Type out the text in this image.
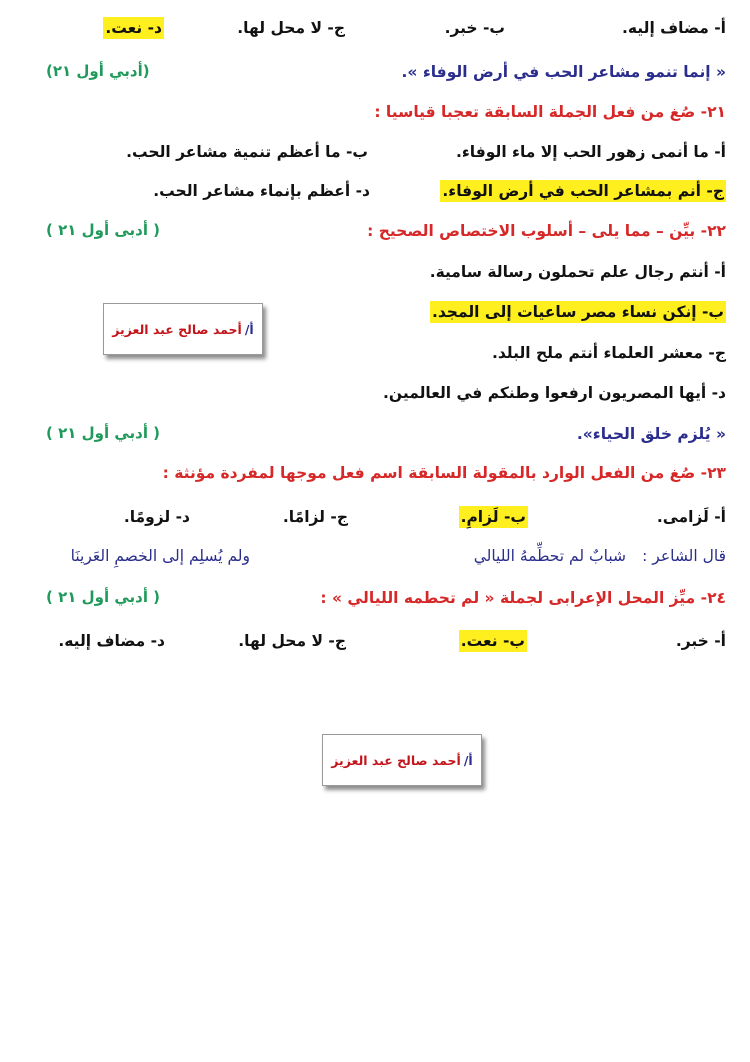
أ- مضاف إليه.
ب- خبر.
ج- لا محل لها.
د- نعت.
« إنما تنمو مشاعر الحب في أرض الوفاء ».
(أدبي أول ٢١)
٢١- صُغ من فعل الجملة السابقة تعجبا قياسيا :
أ- ما أنمى زهور الحب إلا ماء الوفاء.
ب- ما أعظم تنمية مشاعر الحب.
ج- أنم بمشاعر الحب في أرض الوفاء.
د- أعظم بإنماء مشاعر الحب.
٢٢- بيِّن – مما يلى – أسلوب الاختصاص الصحيح :
( أدبى أول ٢١ )
أ- أنتم رجال علم تحملون رسالة سامية.
ب- إنكن نساء مصر ساعيات إلى المجد.
ج- معشر العلماء أنتم ملح البلد.
د- أيها المصريون ارفعوا وطنكم في العالمين.
أ/
أحمد صالح عبد العزيز
« يُلزم خلق الحياء».
( أدبي أول ٢١ )
٢٣- صُغ من الفعل الوارد بالمقولة السابقة اسم فعل موجها لمفردة مؤنثة :
أ- لَزامى.
ب- لَزامِ.
ج- لزامًا.
د- لزومًا.
قال الشاعر :
شبابٌ لم تحطِّمهُ الليالي
ولم يُسلِم إلى الخصمِ العَرينَا
٢٤- ميِّز المحل الإعرابى لجملة « لم تحطمه الليالي » :
( أدبي أول ٢١ )
أ- خبر.
ب- نعت.
ج- لا محل لها.
د- مضاف إليه.
أ/
أحمد صالح عبد العزيز
